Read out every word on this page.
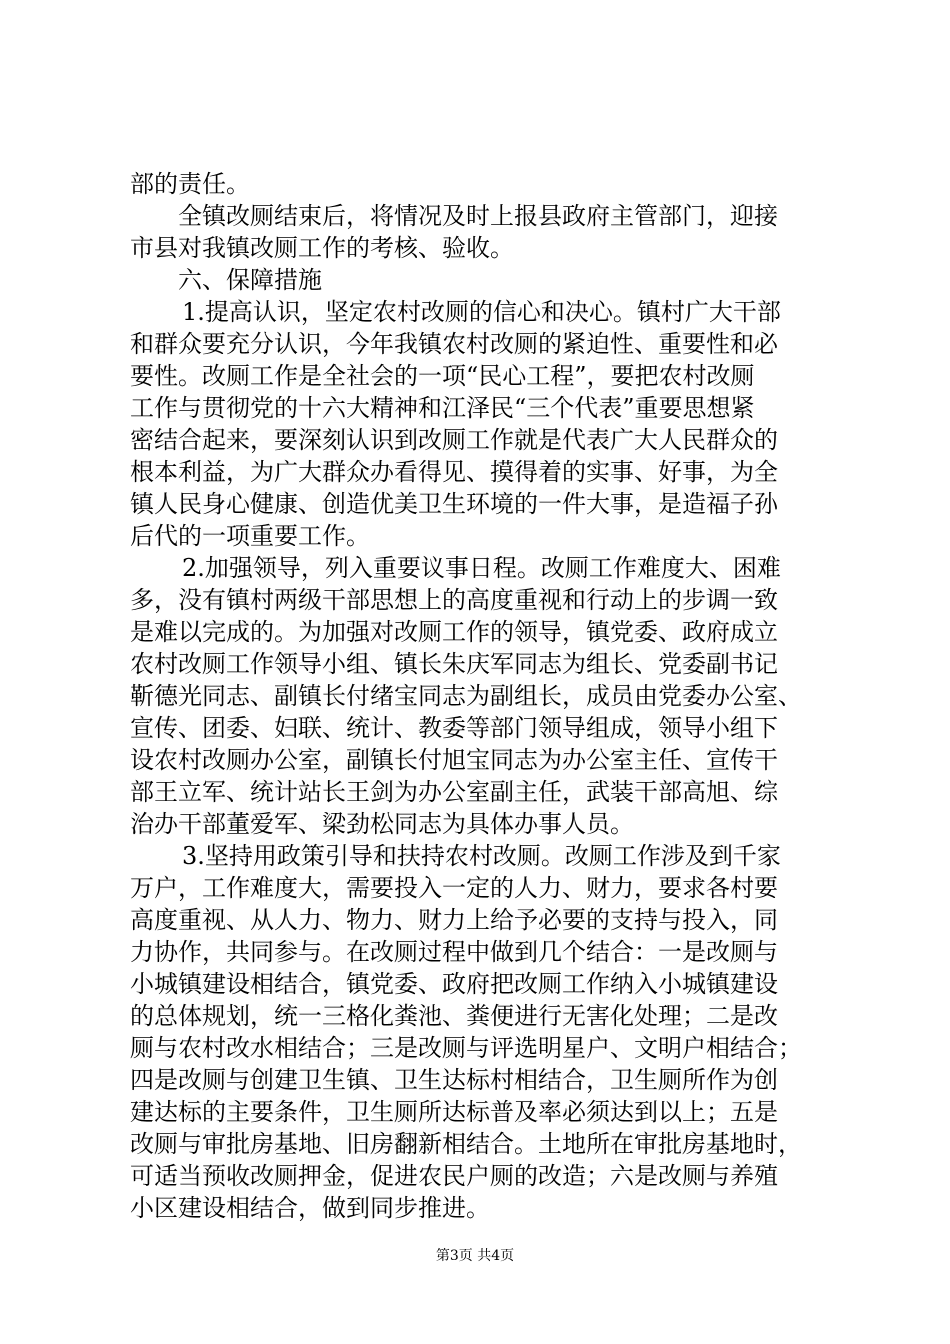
部的责任。
全镇改厕结束后，将情况及时上报县政府主管部门，迎接
市县对我镇改厕工作的考核、验收。
六、保障措施
1.提高认识，坚定农村改厕的信心和决心。镇村广大干部
和群众要充分认识，今年我镇农村改厕的紧迫性、重要性和必
要性。改厕工作是全社会的一项“民心工程”，要把农村改厕
工作与贯彻党的十六大精神和江泽民“三个代表”重要思想紧
密结合起来，要深刻认识到改厕工作就是代表广大人民群众的
根本利益，为广大群众办看得见、摸得着的实事、好事，为全
镇人民身心健康、创造优美卫生环境的一件大事，是造福子孙
后代的一项重要工作。
2.加强领导，列入重要议事日程。改厕工作难度大、困难
多，没有镇村两级干部思想上的高度重视和行动上的步调一致
是难以完成的。为加强对改厕工作的领导，镇党委、政府成立
农村改厕工作领导小组、镇长朱庆军同志为组长、党委副书记
靳德光同志、副镇长付绪宝同志为副组长，成员由党委办公室、
宣传、团委、妇联、统计、教委等部门领导组成，领导小组下
设农村改厕办公室，副镇长付旭宝同志为办公室主任、宣传干
部王立军、统计站长王剑为办公室副主任，武装干部高旭、综
治办干部董爱军、梁劲松同志为具体办事人员。
3.坚持用政策引导和扶持农村改厕。改厕工作涉及到千家
万户，工作难度大，需要投入一定的人力、财力，要求各村要
高度重视、从人力、物力、财力上给予必要的支持与投入，同
力协作，共同参与。在改厕过程中做到几个结合：一是改厕与
小城镇建设相结合，镇党委、政府把改厕工作纳入小城镇建设
的总体规划，统一三格化粪池、粪便进行无害化处理；二是改
厕与农村改水相结合；三是改厕与评选明星户、文明户相结合；
四是改厕与创建卫生镇、卫生达标村相结合，卫生厕所作为创
建达标的主要条件，卫生厕所达标普及率必须达到以上；五是
改厕与审批房基地、旧房翻新相结合。土地所在审批房基地时，
可适当预收改厕押金，促进农民户厕的改造；六是改厕与养殖
小区建设相结合，做到同步推进。
第3页 共4页
